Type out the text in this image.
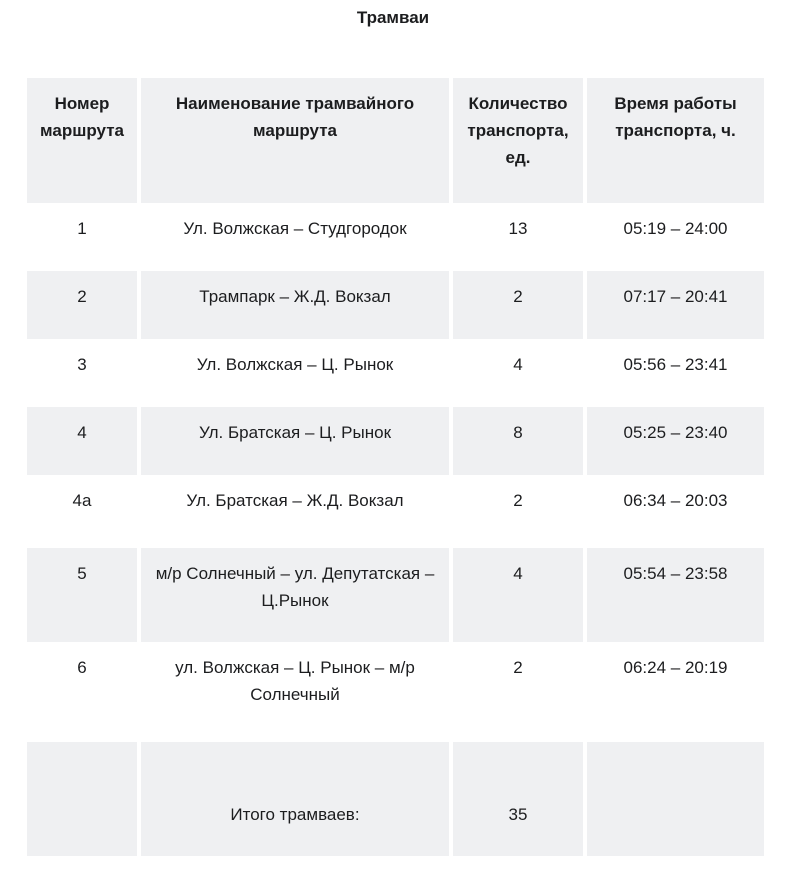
Трамваи
Номер маршрута	Наименование трамвайного маршрута	Количество транспорта, ед.	Время работы транспорта, ч.
1	Ул. Волжская – Студгородок	13	05:19 – 24:00
2	Трампарк – Ж.Д. Вокзал	2	07:17 – 20:41
3	Ул. Волжская – Ц. Рынок	4	05:56 – 23:41
4	Ул. Братская – Ц. Рынок	8	05:25 – 23:40
4а	Ул. Братская – Ж.Д. Вокзал	2	06:34 – 20:03
5	м/р Солнечный – ул. Депутатская – Ц.Рынок	4	05:54 – 23:58
6	ул. Волжская – Ц. Рынок – м/р Солнечный	2	06:24 – 20:19
	Итого трамваев:	35	
